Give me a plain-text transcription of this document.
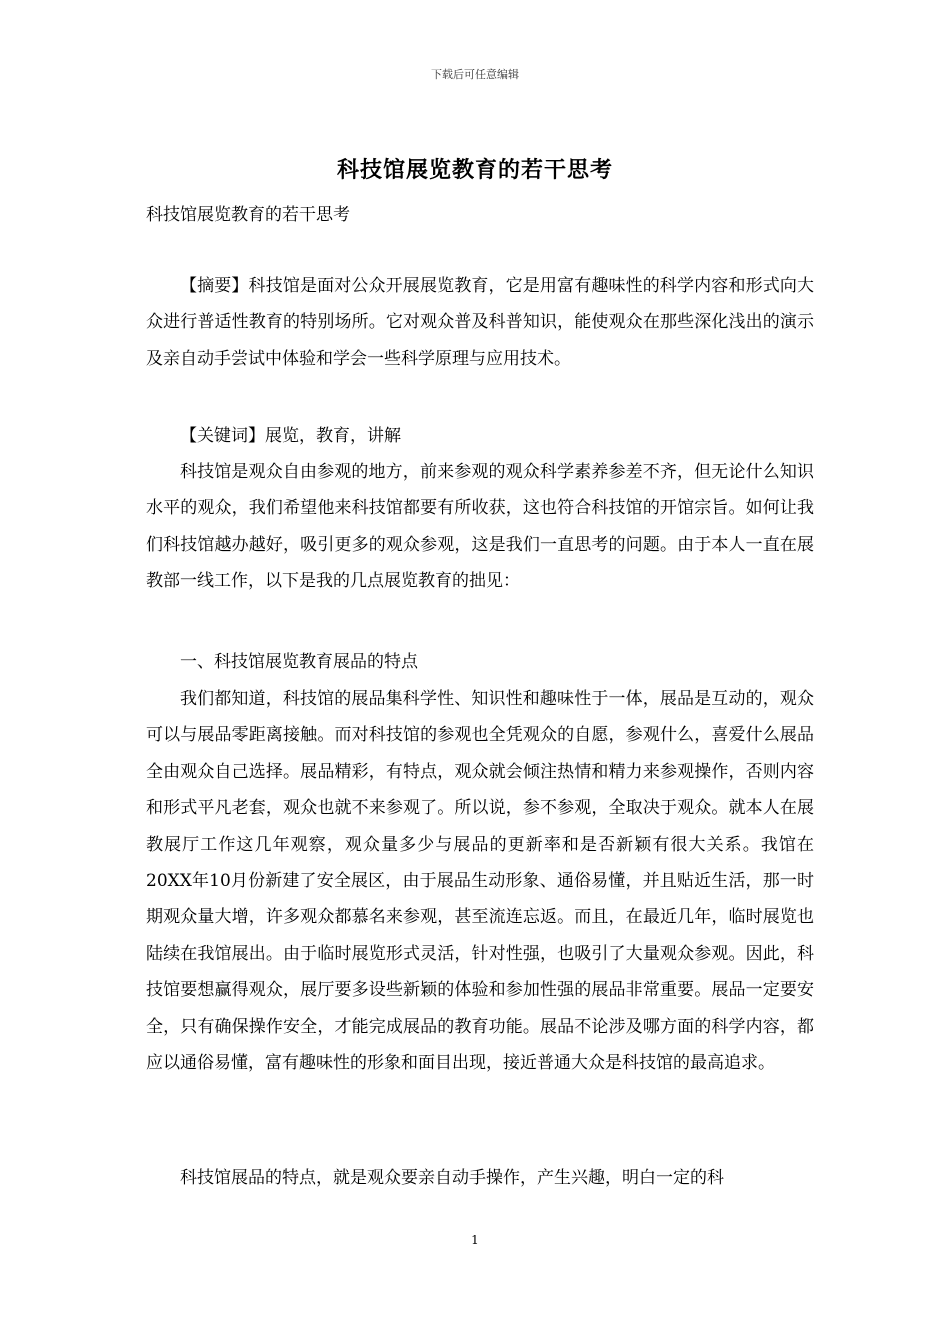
下载后可任意编辑
科技馆展览教育的若干思考
科技馆展览教育的若干思考

【摘要】科技馆是面对公众开展展览教育，它是用富有趣味性的科学内容和形式向大众进行普适性教育的特别场所。它对观众普及科普知识，能使观众在那些深化浅出的演示及亲自动手尝试中体验和学会一些科学原理与应用技术。

【关键词】展览，教育，讲解

科技馆是观众自由参观的地方，前来参观的观众科学素养参差不齐，但无论什么知识水平的观众，我们希望他来科技馆都要有所收获，这也符合科技馆的开馆宗旨。如何让我们科技馆越办越好，吸引更多的观众参观，这是我们一直思考的问题。由于本人一直在展教部一线工作，以下是我的几点展览教育的拙见：

一、科技馆展览教育展品的特点

我们都知道，科技馆的展品集科学性、知识性和趣味性于一体，展品是互动的，观众可以与展品零距离接触。而对科技馆的参观也全凭观众的自愿，参观什么，喜爱什么展品全由观众自己选择。展品精彩，有特点，观众就会倾注热情和精力来参观操作，否则内容和形式平凡老套，观众也就不来参观了。所以说，参不参观，全取决于观众。就本人在展教展厅工作这几年观察，观众量多少与展品的更新率和是否新颖有很大关系。我馆在20XX年10月份新建了安全展区，由于展品生动形象、通俗易懂，并且贴近生活，那一时期观众量大增，许多观众都慕名来参观，甚至流连忘返。而且，在最近几年，临时展览也陆续在我馆展出。由于临时展览形式灵活，针对性强，也吸引了大量观众参观。因此，科技馆要想赢得观众，展厅要多设些新颖的体验和参加性强的展品非常重要。展品一定要安全，只有确保操作安全，才能完成展品的教育功能。展品不论涉及哪方面的科学内容，都应以通俗易懂，富有趣味性的形象和面目出现，接近普通大众是科技馆的最高追求。

科技馆展品的特点，就是观众要亲自动手操作，产生兴趣，明白一定的科

1
